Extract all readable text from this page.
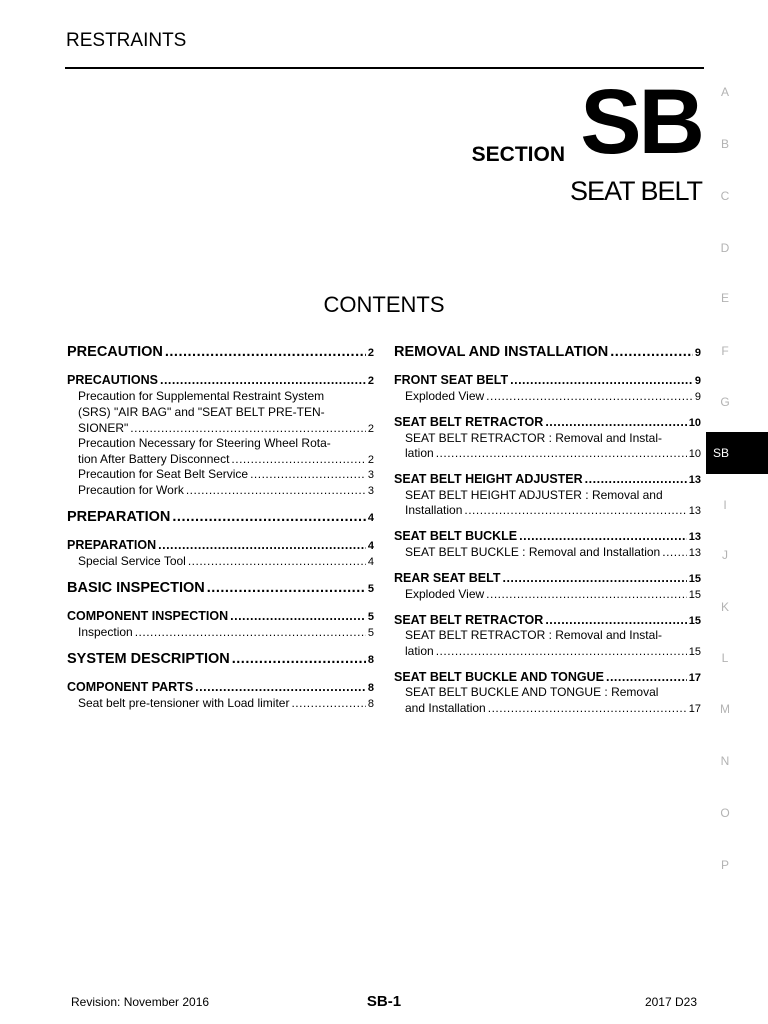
RESTRAINTS
SECTION SB
SEAT BELT
CONTENTS
A
B
C
D
E
F
G
SB
I
J
K
L
M
N
O
P
PRECAUTION .....	2
PRECAUTIONS .....	2
Precaution for Supplemental Restraint System
(SRS) "AIR BAG" and "SEAT BELT PRE-TEN-
SIONER" .....	2
Precaution Necessary for Steering Wheel Rota-
tion After Battery Disconnect .....	2
Precaution for Seat Belt Service .....	3
Precaution for Work .....	3
PREPARATION .....	4
PREPARATION .....	4
Special Service Tool .....	4
BASIC INSPECTION .....	5
COMPONENT INSPECTION .....	5
Inspection .....	5
SYSTEM DESCRIPTION .....	8
COMPONENT PARTS .....	8
Seat belt pre-tensioner with Load limiter .....	8
REMOVAL AND INSTALLATION .....	9
FRONT SEAT BELT .....	9
Exploded View .....	9
SEAT BELT RETRACTOR .....	10
SEAT BELT RETRACTOR : Removal and Instal-
lation .....	10
SEAT BELT HEIGHT ADJUSTER .....	13
SEAT BELT HEIGHT ADJUSTER : Removal and
Installation .....	13
SEAT BELT BUCKLE .....	13
SEAT BELT BUCKLE : Removal and Installation .....	13
REAR SEAT BELT .....	15
Exploded View .....	15
SEAT BELT RETRACTOR .....	15
SEAT BELT RETRACTOR : Removal and Instal-
lation .....	15
SEAT BELT BUCKLE AND TONGUE .....	17
SEAT BELT BUCKLE AND TONGUE : Removal
and Installation .....	17
Revision: November 2016	SB-1	2017 D23
